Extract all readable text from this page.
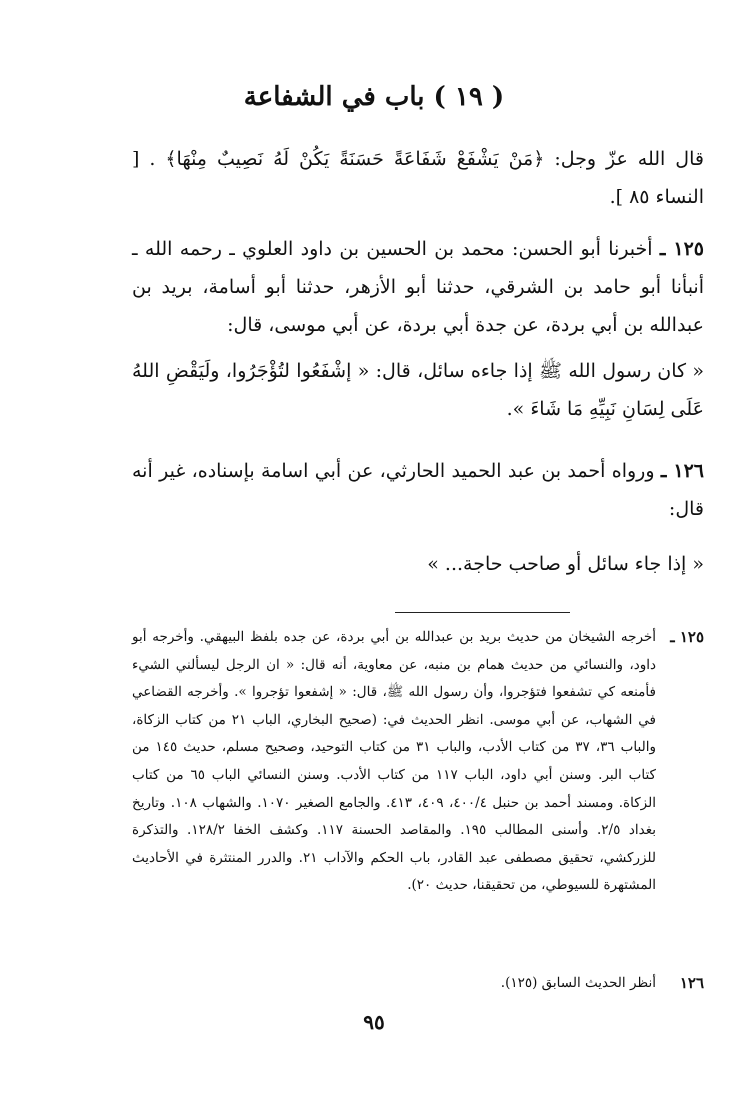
( ١٩ ) باب في الشفاعة

قال الله عزّ وجل: ﴿مَنْ يَشْفَعْ شَفَاعَةً حَسَنَةً يَكُنْ لَهُ نَصِيبٌ مِنْهَا﴾ . [ النساء ٨٥ ].

١٢٥ ـ أخبرنا أبو الحسن: محمد بن الحسين بن داود العلوي ـ رحمه الله ـ أنبأنا أبو حامد بن الشرقي، حدثنا أبو الأزهر، حدثنا أبو أسامة، بريد بن عبدالله بن أبي بردة، عن جدة أبي بردة، عن أبي موسى، قال:

« كان رسول الله ﷺ إذا جاءه سائل، قال: « إشْفَعُوا لتُؤْجَرُوا، ولَيَقْضِ اللهُ عَلَى لِسَانِ نَبِيِّهِ مَا شَاءَ ».

١٢٦ ـ ورواه أحمد بن عبد الحميد الحارثي، عن أبي اسامة بإسناده، غير أنه قال:

« إذا جاء سائل أو صاحب حاجة... »

١٢٥ ـ
أخرجه الشيخان من حديث بريد بن عبدالله بن أبي بردة، عن جده بلفظ البيهقي. وأخرجه أبو داود، والنسائي من حديث همام بن منبه، عن معاوية، أنه قال: « ان الرجل ليسألني الشيء فأمنعه كي تشفعوا فتؤجروا، وأن رسول الله ﷺ، قال: « إشفعوا تؤجروا ». وأخرجه القضاعي في الشهاب، عن أبي موسى. انظر الحديث في: (صحيح البخاري، الباب ٢١ من كتاب الزكاة، والباب ٣٦، ٣٧ من كتاب الأدب، والباب ٣١ من كتاب التوحيد، وصحيح مسلم، حديث ١٤٥ من كتاب البر. وسنن أبي داود، الباب ١١٧ من كتاب الأدب. وسنن النسائي الباب ٦٥ من كتاب الزكاة. ومسند أحمد بن حنبل ٤٠٠/٤، ٤٠٩، ٤١٣. والجامع الصغير ١٠٧٠. والشهاب ١٠٨. وتاريخ بغداد ٢/٥. وأسنى المطالب ١٩٥. والمقاصد الحسنة ١١٧. وكشف الخفا ١٢٨/٢. والتذكرة للزركشي، تحقيق مصطفى عبد القادر، باب الحكم والآداب ٢١. والدرر المنتثرة في الأحاديث المشتهرة للسيوطي، من تحقيقنا، حديث ٢٠).
١٢٦
أنظر الحديث السابق (١٢٥).
٩٥
